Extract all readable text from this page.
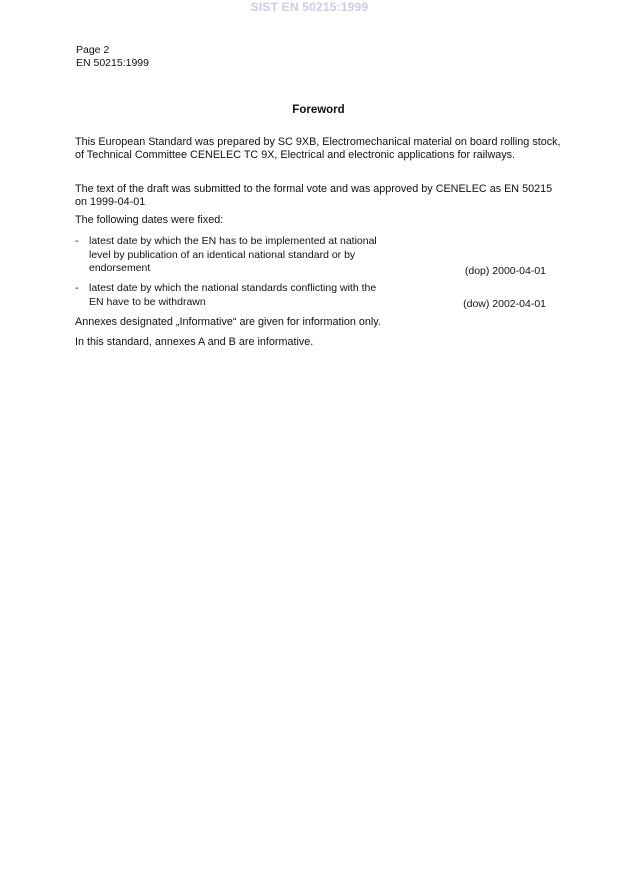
SIST EN 50215:1999
Page 2
EN 50215:1999
Foreword
This European Standard was prepared by SC 9XB, Electromechanical material on board rolling stock, of Technical Committee CENELEC TC 9X, Electrical and electronic applications for railways.
The text of the draft was submitted to the formal vote and was approved by CENELEC as EN 50215 on 1999-04-01
The following dates were fixed:
- latest date by which the EN has to be implemented at national level by publication of an identical national standard or by endorsement	(dop) 2000-04-01
- latest date by which the national standards conflicting with the EN have to be withdrawn	(dow) 2002-04-01
Annexes designated „Informative“ are given for information only.
In this standard, annexes A and B are informative.
